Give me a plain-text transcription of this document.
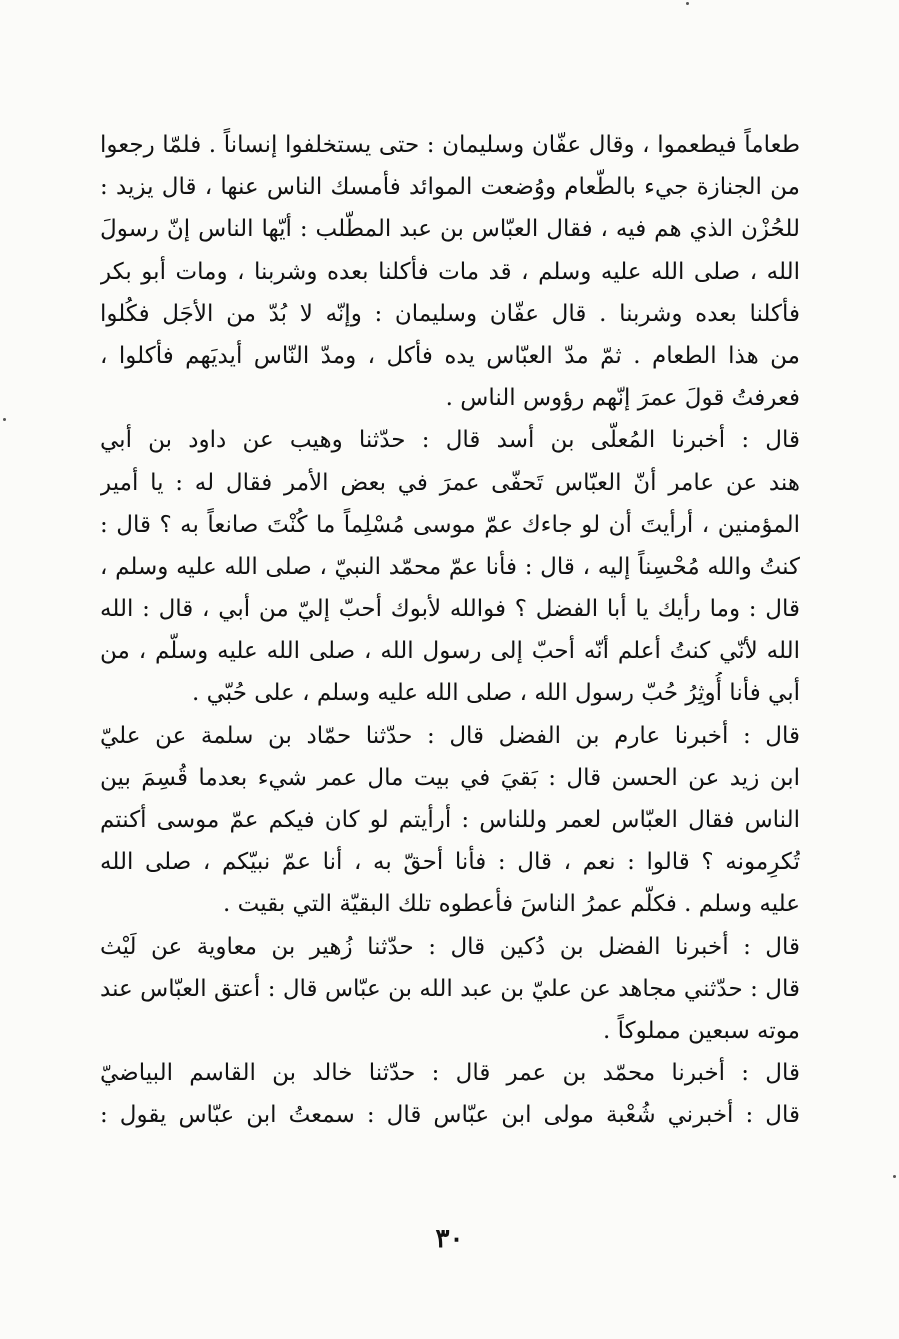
طعاماً فيطعموا ، وقال عفّان وسليمان : حتى يستخلفوا إنساناً . فلمّا رجعوا
من الجنازة جيء بالطّعام ووُضعت الموائد فأمسك الناس عنها ، قال يزيد :
للحُزْن الذي هم فيه ، فقال العبّاس بن عبد المطّلب : أيّها الناس إنّ رسولَ
الله ، صلى الله عليه وسلم ، قد مات فأكلنا بعده وشربنا ، ومات أبو بكر
فأكلنا بعده وشربنا . قال عفّان وسليمان : وإنّه لا بُدّ من الأجَل فكُلوا
من هذا الطعام . ثمّ مدّ العبّاس يده فأكل ، ومدّ النّاس أيديَهم فأكلوا ،
فعرفتُ قولَ عمرَ إنّهم رؤوس الناس .
قال : أخبرنا المُعلّى بن أسد قال : حدّثنا وهيب عن داود بن أبي
هند عن عامر أنّ العبّاس تَحفّى عمرَ في بعض الأمر فقال له : يا أمير
المؤمنين ، أرأيتَ أن لو جاءك عمّ موسى مُسْلِماً ما كُنْتَ صانعاً به ؟ قال :
كنتُ والله مُحْسِناً إليه ، قال : فأنا عمّ محمّد النبيّ ، صلى الله عليه وسلم ،
قال : وما رأيك يا أبا الفضل ؟ فوالله لأبوك أحبّ إليّ من أبي ، قال : الله
الله لأنّي كنتُ أعلم أنّه أحبّ إلى رسول الله ، صلى الله عليه وسلّم ، من
أبي فأنا أُوثِرُ حُبّ رسول الله ، صلى الله عليه وسلم ، على حُبّي .
قال : أخبرنا عارم بن الفضل قال : حدّثنا حمّاد بن سلمة عن عليّ
ابن زيد عن الحسن قال : بَقيَ في بيت مال عمر شيء بعدما قُسِمَ بين
الناس فقال العبّاس لعمر وللناس : أرأيتم لو كان فيكم عمّ موسى أكنتم
تُكرِمونه ؟ قالوا : نعم ، قال : فأنا أحقّ به ، أنا عمّ نبيّكم ، صلى الله
عليه وسلم . فكلّم عمرُ الناسَ فأعطوه تلك البقيّة التي بقيت .
قال : أخبرنا الفضل بن دُكين قال : حدّثنا زُهير بن معاوية عن لَيْث
قال : حدّثني مجاهد عن عليّ بن عبد الله بن عبّاس قال : أعتق العبّاس عند
موته سبعين مملوكاً .
قال : أخبرنا محمّد بن عمر قال : حدّثنا خالد بن القاسم البياضيّ
قال : أخبرني شُعْبة مولى ابن عبّاس قال : سمعتُ ابن عبّاس يقول :
٣٠
